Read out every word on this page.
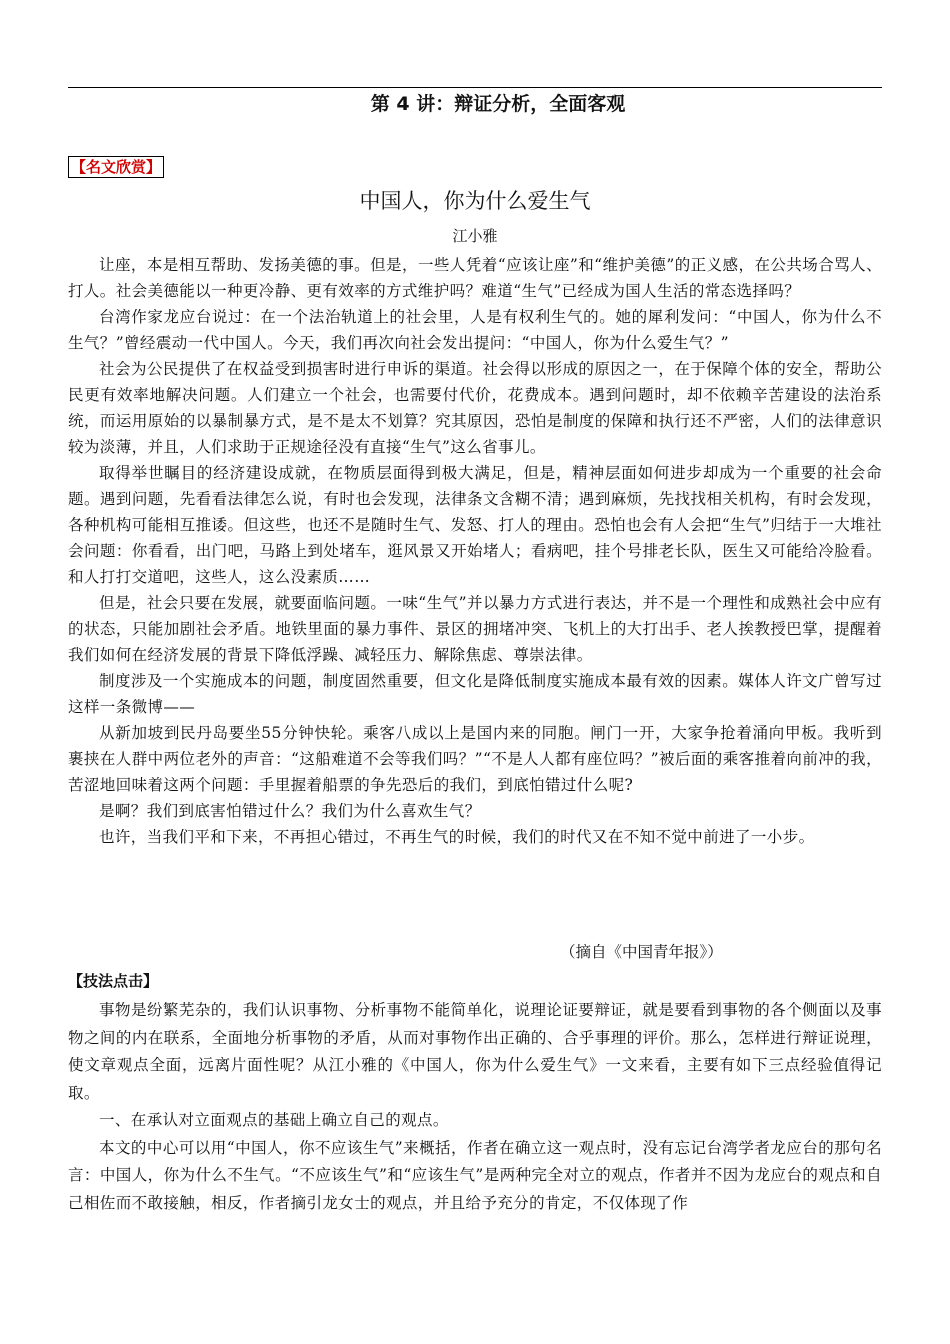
第 4 讲：辩证分析，全面客观
【名文欣赏】
中国人，你为什么爱生气
江小雅

让座，本是相互帮助、发扬美德的事。但是，一些人凭着“应该让座”和“维护美德”的正义感，在公共场合骂人、打人。社会美德能以一种更冷静、更有效率的方式维护吗？难道“生气”已经成为国人生活的常态选择吗？

台湾作家龙应台说过：在一个法治轨道上的社会里，人是有权利生气的。她的犀利发问：“中国人，你为什么不生气？”曾经震动一代中国人。今天，我们再次向社会发出提问：“中国人，你为什么爱生气？”

社会为公民提供了在权益受到损害时进行申诉的渠道。社会得以形成的原因之一，在于保障个体的安全，帮助公民更有效率地解决问题。人们建立一个社会，也需要付代价，花费成本。遇到问题时，却不依赖辛苦建设的法治系统，而运用原始的以暴制暴方式，是不是太不划算？究其原因，恐怕是制度的保障和执行还不严密，人们的法律意识较为淡薄，并且，人们求助于正规途径没有直接“生气”这么省事儿。

取得举世瞩目的经济建设成就，在物质层面得到极大满足，但是，精神层面如何进步却成为一个重要的社会命题。遇到问题，先看看法律怎么说，有时也会发现，法律条文含糊不清；遇到麻烦，先找找相关机构，有时会发现，各种机构可能相互推诿。但这些，也还不是随时生气、发怒、打人的理由。恐怕也会有人会把“生气”归结于一大堆社会问题：你看看，出门吧，马路上到处堵车，逛风景又开始堵人；看病吧，挂个号排老长队，医生又可能给冷脸看。和人打打交道吧，这些人，这么没素质……

但是，社会只要在发展，就要面临问题。一味“生气”并以暴力方式进行表达，并不是一个理性和成熟社会中应有的状态，只能加剧社会矛盾。地铁里面的暴力事件、景区的拥堵冲突、飞机上的大打出手、老人挨教授巴掌，提醒着我们如何在经济发展的背景下降低浮躁、减轻压力、解除焦虑、尊崇法律。

制度涉及一个实施成本的问题，制度固然重要，但文化是降低制度实施成本最有效的因素。媒体人许文广曾写过这样一条微博——

从新加坡到民丹岛要坐55分钟快轮。乘客八成以上是国内来的同胞。闸门一开，大家争抢着涌向甲板。我听到裹挟在人群中两位老外的声音：“这船难道不会等我们吗？”“不是人人都有座位吗？”被后面的乘客推着向前冲的我，苦涩地回味着这两个问题：手里握着船票的争先恐后的我们，到底怕错过什么呢?

是啊？我们到底害怕错过什么？我们为什么喜欢生气？

也许，当我们平和下来，不再担心错过，不再生气的时候，我们的时代又在不知不觉中前进了一小步。

（摘自《中国青年报》）
【技法点击】

事物是纷繁芜杂的，我们认识事物、分析事物不能简单化，说理论证要辩证，就是要看到事物的各个侧面以及事物之间的内在联系，全面地分析事物的矛盾，从而对事物作出正确的、合乎事理的评价。那么，怎样进行辩证说理，使文章观点全面，远离片面性呢？从江小雅的《中国人，你为什么爱生气》一文来看，主要有如下三点经验值得记取。

一、在承认对立面观点的基础上确立自己的观点。

本文的中心可以用“中国人，你不应该生气”来概括，作者在确立这一观点时，没有忘记台湾学者龙应台的那句名言：中国人，你为什么不生气。“不应该生气”和“应该生气”是两种完全对立的观点，作者并不因为龙应台的观点和自己相佐而不敢接触，相反，作者摘引龙女士的观点，并且给予充分的肯定，不仅体现了作
